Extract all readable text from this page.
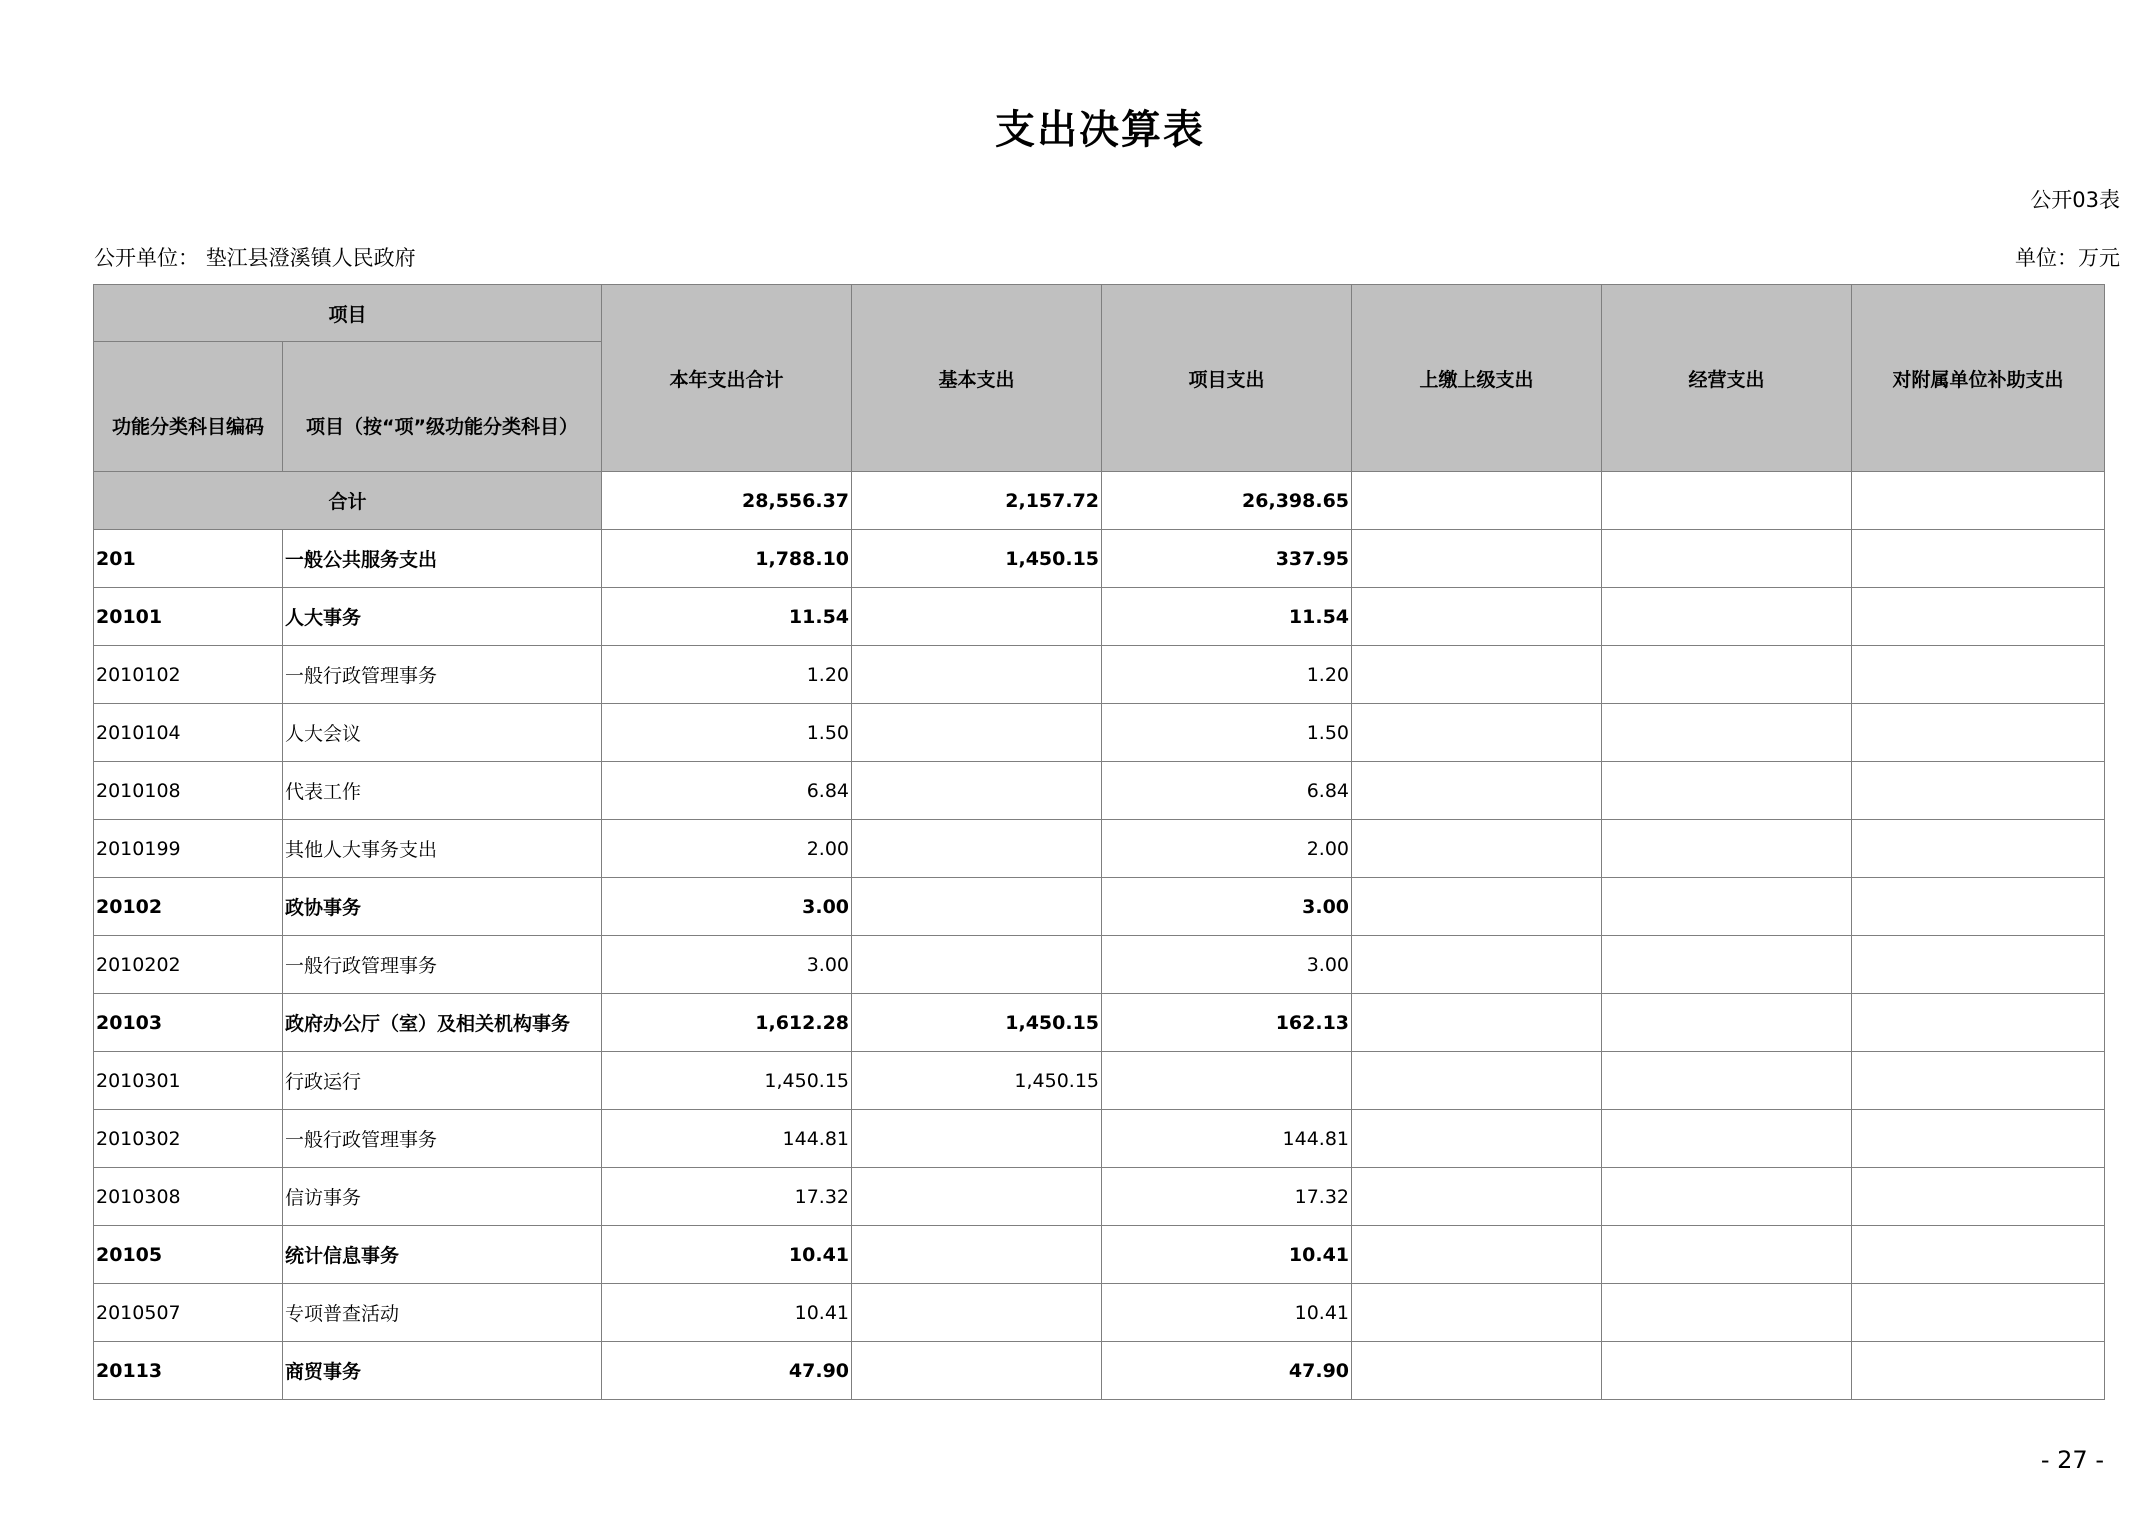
支出决算表
公开03表
公开单位： 垫江县澄溪镇人民政府	单位：万元
项目		本年支出合计	基本支出	项目支出	上缴上级支出	经营支出	对附属单位补助支出
功能分类科目编码	项目（按“项”级功能分类科目）						
合计		28,556.37	2,157.72	26,398.65			
201	一般公共服务支出	1,788.10	1,450.15	337.95			
20101	人大事务	11.54		11.54			
2010102	一般行政管理事务	1.20		1.20			
2010104	人大会议	1.50		1.50			
2010108	代表工作	6.84		6.84			
2010199	其他人大事务支出	2.00		2.00			
20102	政协事务	3.00		3.00			
2010202	一般行政管理事务	3.00		3.00			
20103	政府办公厅（室）及相关机构事务	1,612.28	1,450.15	162.13			
2010301	行政运行	1,450.15	1,450.15				
2010302	一般行政管理事务	144.81		144.81			
2010308	信访事务	17.32		17.32			
20105	统计信息事务	10.41		10.41			
2010507	专项普查活动	10.41		10.41			
20113	商贸事务	47.90		47.90			
- 27 -
